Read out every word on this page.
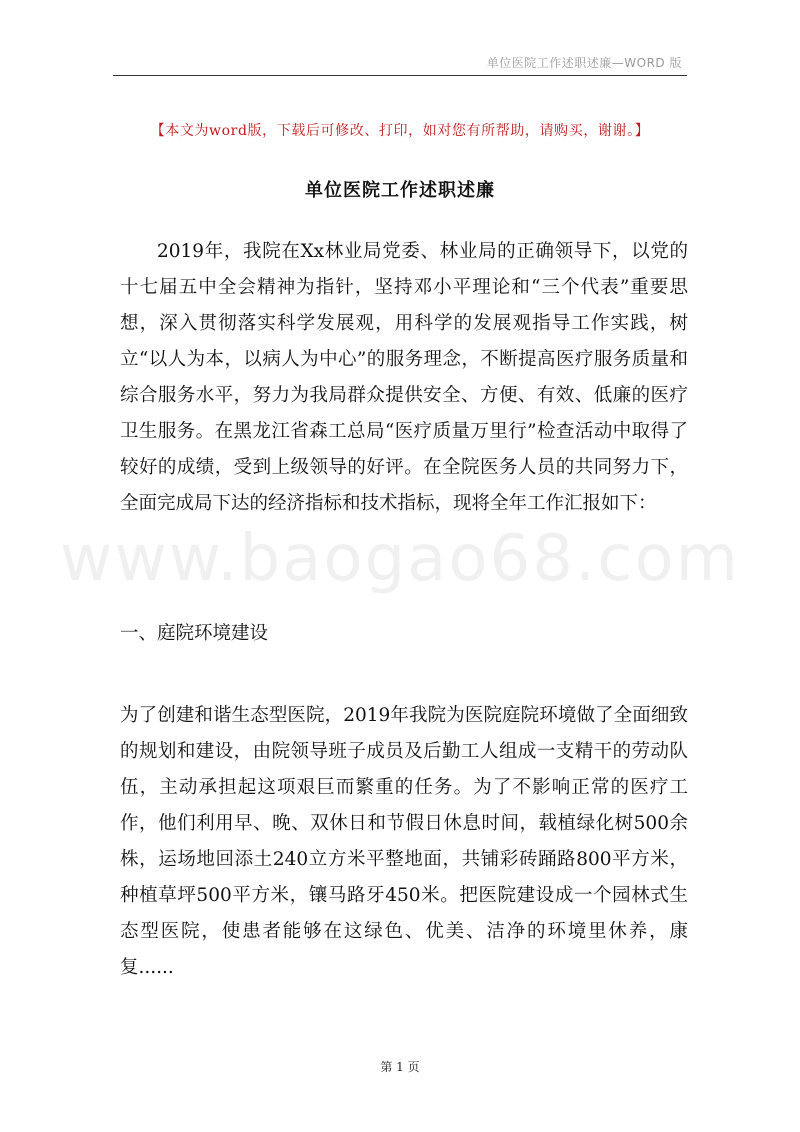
单位医院工作述职述廉—WORD 版
【本文为word版，下载后可修改、打印，如对您有所帮助，请购买，谢谢。】
单位医院工作述职述廉

2019年，我院在Xx林业局党委、林业局的正确领导下，以党的十七届五中全会精神为指针，坚持邓小平理论和“三个代表”重要思想，深入贯彻落实科学发展观，用科学的发展观指导工作实践，树立“以人为本，以病人为中心”的服务理念，不断提高医疗服务质量和综合服务水平，努力为我局群众提供安全、方便、有效、低廉的医疗卫生服务。在黑龙江省森工总局“医疗质量万里行”检查活动中取得了较好的成绩，受到上级领导的好评。在全院医务人员的共同努力下，全面完成局下达的经济指标和技术指标，现将全年工作汇报如下：

www.baogao68.com

一、庭院环境建设

为了创建和谐生态型医院，2019年我院为医院庭院环境做了全面细致的规划和建设，由院领导班子成员及后勤工人组成一支精干的劳动队伍，主动承担起这项艰巨而繁重的任务。为了不影响正常的医疗工作，他们利用早、晚、双休日和节假日休息时间，载植绿化树500余株，运场地回添土240立方米平整地面，共铺彩砖踊路800平方米，种植草坪500平方米，镶马路牙450米。把医院建设成一个园林式生态型医院，使患者能够在这绿色、优美、洁净的环境里休养，康复......

第 1 页
